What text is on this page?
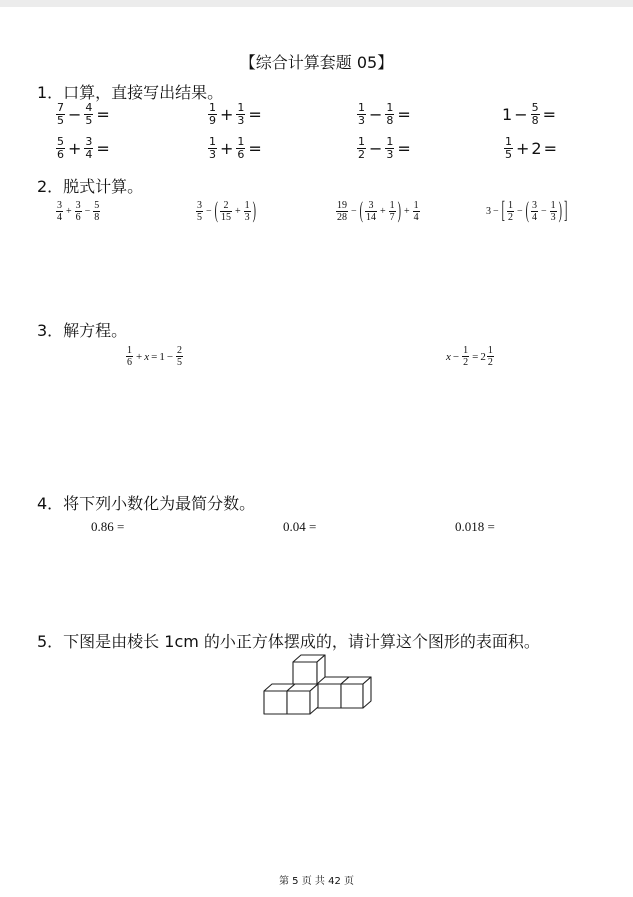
【综合计算套题 05】
1．口算，直接写出结果。
$\frac{7}{5} - \frac{4}{5}$ =	$\frac{1}{9} + \frac{1}{3}$ =	$\frac{1}{3} - \frac{1}{8}$ =	$1 - \frac{5}{8}$ =
$\frac{5}{6} + \frac{3}{4}$ =	$\frac{1}{3} + \frac{1}{6}$ =	$\frac{1}{2} - \frac{1}{3}$ =	$\frac{1}{5} + 2$ =
2．脱式计算。
$\frac{3}{4} + \frac{3}{6} - \frac{5}{8}$	$\frac{3}{5}$ − ( $\frac{2}{15} + \frac{1}{3}$ )	$\frac{19}{28}$ − ( $\frac{3}{14} + \frac{1}{7}$ ) + $\frac{1}{4}$	3 − [ $\frac{1}{2}$ − ( $\frac{3}{4} - \frac{1}{3}$ ) ]
3．解方程。
$\frac{1}{6} + x = 1 - \frac{2}{5}$	$x - \frac{1}{2} = 2 \frac{1}{2}$
4．将下列小数化为最简分数。
0.86 =	0.04 =	0.018 =
5．下图是由棱长 1cm 的小正方体摆成的，请计算这个图形的表面积。
第 5 页 共 42 页
